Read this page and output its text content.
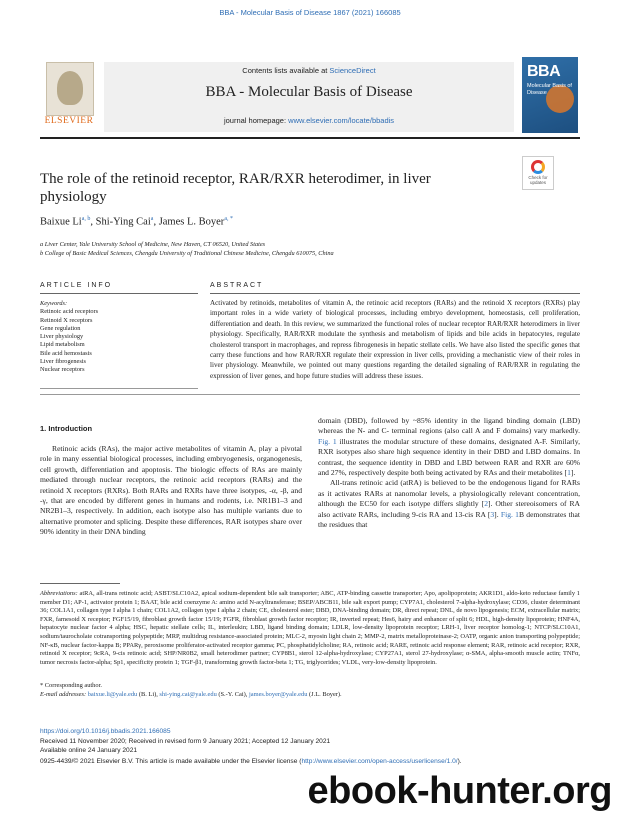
BBA - Molecular Basis of Disease 1867 (2021) 166085
ELSEVIER
Contents lists available at ScienceDirect
BBA - Molecular Basis of Disease
journal homepage: www.elsevier.com/locate/bbadis
BBA
Molecular Basis of Disease
The role of the retinoid receptor, RAR/RXR heterodimer, in liver physiology
Check for updates
Baixue Li$^{a, b}$, Shi-Ying Cai$^a$, James L. Boyer$^{a, *}$
a Liver Center, Yale University School of Medicine, New Haven, CT 06520, United States
b College of Basic Medical Sciences, Chengdu University of Traditional Chinese Medicine, Chengdu 610075, China
ARTICLE INFO	ABSTRACT
Keywords:
Retinoic acid receptors
Retinoid X receptors
Gene regulation
Liver physiology
Lipid metabolism
Bile acid hemostasis
Liver fibrogenesis
Nuclear receptors
Activated by retinoids, metabolites of vitamin A, the retinoic acid receptors (RARs) and the retinoid X receptors (RXRs) play important roles in a wide variety of biological processes, including embryo development, homeostasis, cell proliferation, differentiation and death. In this review, we summarized the functional roles of nuclear receptor RAR/RXR heterodimers in liver physiology. Specifically, RAR/RXR modulate the synthesis and metabolism of lipids and bile acids in hepatocytes, regulate cholesterol transport in macrophages, and repress fibrogenesis in hepatic stellate cells. We have also listed the specific genes that carry these functions and how RAR/RXR regulate their expression in liver cells, providing a mechanistic view of their roles in liver physiology. Meanwhile, we pointed out many questions regarding the detailed signaling of RAR/RXR in regulating the expression of liver genes, and hope future studies will address these issues.
1. Introduction

Retinoic acids (RAs), the major active metabolites of vitamin A, play a pivotal role in many essential biological processes, including embryogenesis, organogenesis, cell growth, differentiation and apoptosis. The biologic effects of RAs are mainly mediated through nuclear receptors, the retinoic acid receptors (RARs) and the retinoid X receptors (RXRs). Both RARs and RXRs have three isotypes, -α, -β, and -γ, that are encoded by different genes in humans and rodents, i.e. NR1B1–3 and NR2B1–3, respectively. In addition, each isotype also has multiple variants due to alternative promoter and splicing. Despite these differences, RAR isotypes share over 90% identity in their DNA binding

domain (DBD), followed by ~85% identity in the ligand binding domain (LBD) whereas the N- and C- terminal regions (also call A and F domains) vary markedly. Fig. 1 illustrates the modular structure of these domains, designated A-F. Similarly, RXR isotypes also share high sequence identity in their DBD and LBD domains. In contrast, the sequence identity in DBD and LBD between RAR and RXR are 60% and 27%, respectively despite both being activated by RAs and their metabolites [1].

All-trans retinoic acid (atRA) is believed to be the endogenous ligand for RARs as it activates RARs at nanomolar levels, a physiologically relevant concentration, although the EC50 for each isotype differs slightly [2]. Other stereoisomers of RA also activate RARs, including 9-cis RA and 13-cis RA [3]. Fig. 1B demonstrates that the residues that

Abbreviations: atRA, all-trans retinoic acid; ASBT/SLC10A2, apical sodium-dependent bile salt transporter; ABC, ATP-binding cassette transporter; Apo, apolipoprotein; AKR1D1, aldo-keto reductase family 1 member D1; AP-1, activator protein 1; BAAT, bile acid coenzyme A: amino acid N-acyltransferase; BSEP/ABCB11, bile salt export pump; CYP7A1, cholesterol 7-alpha-hydroxylase; CD36, cluster determinant 36; COL1A1, collagen type I alpha 1 chain; COL1A2, collagen type I alpha 2 chain; CE, cholesterol ester; DBD, DNA-binding domain; DR, direct repeat; DNL, de novo lipogenesis; ECM, extracellular matrix; FXR, farnesoid X receptor; FGF15/19, fibroblast growth factor 15/19; FGFR, fibroblast growth factor receptor; IR, inverted repeat; Hes6, hairy and enhancer of split 6; HDL, high-density lipoprotein; HNF4A, hepatocyte nuclear factor 4 alpha; HSC, hepatic stellate cells; IL, interleukin; LBD, ligand binding domain; LDLR, low-density lipoprotein receptor; LRH-1, liver receptor homolog-1; NTCP/SLC10A1, sodium/taurocholate cotransporting polypeptide; MRP, multidrug resistance-associated protein; MLC-2, myosin light chain 2; MMP-2, matrix metalloproteinase-2; OATP, organic anion transporting polypeptide; NF-κB, nuclear factor-kappa B; PPARγ, peroxisome proliferator-activated receptor gamma; PC, phosphatidylcholine; RA, retinoic acid; RARE, retinoic acid response element; RAR, retinoic acid receptor; RXR, retinoid X receptor; 9cRA, 9-cis retinoic acid; SHP/NR0B2, small heterodimer partner; CYP8B1, sterol 12-alpha-hydroxylase; CYP27A1, sterol 27-hydroxylase; α-SMA, alpha-smooth muscle actin; TNFα, tumor necrosis factor-alpha; Sp1, specificity protein 1; TGF-β1, transforming growth factor-beta 1; TG, triglycerides; VLDL, very-low-density lipoprotein.
* Corresponding author.
E-mail addresses: baixue.li@yale.edu (B. Li), shi-ying.cai@yale.edu (S.-Y. Cai), james.boyer@yale.edu (J.L. Boyer).
https://doi.org/10.1016/j.bbadis.2021.166085
Received 11 November 2020; Received in revised form 9 January 2021; Accepted 12 January 2021
Available online 24 January 2021
0925-4439/© 2021 Elsevier B.V. This article is made available under the Elsevier license (http://www.elsevier.com/open-access/userlicense/1.0/).
ebook-hunter.org
